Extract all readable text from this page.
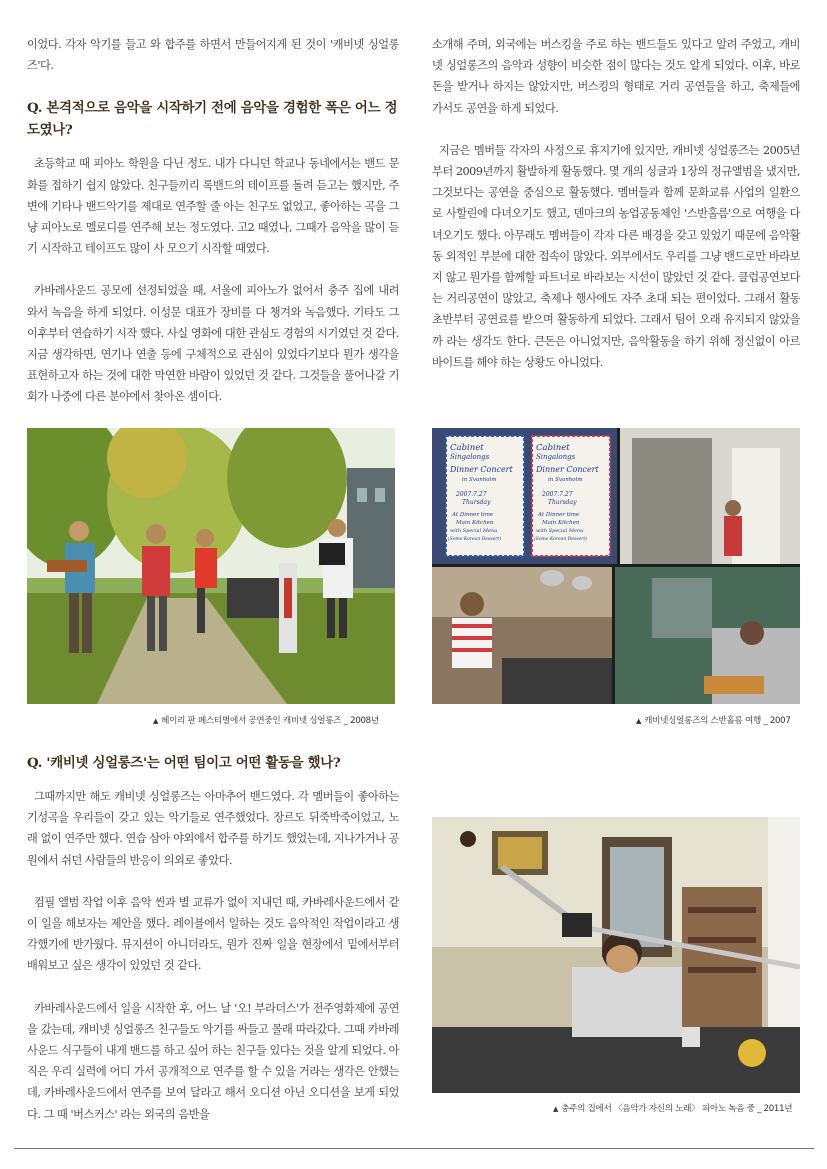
이었다. 각자 악기를 들고 와 합주를 하면서 만들어지게 된 것이 '캐비넷 싱얼롱즈'다.

Q. 본격적으로 음악을 시작하기 전에 음악을 경험한 폭은 어느 정도였나?

초등학교 때 피아노 학원을 다닌 정도. 내가 다니던 학교나 동네에서는 밴드 문화를 접하기 쉽지 않았다. 친구들끼리 록밴드의 테이프를 돌려 듣고는 했지만, 주변에 기타나 밴드악기를 제대로 연주할 줄 아는 친구도 없었고, 좋아하는 곡을 그냥 피아노로 멜로디를 연주해 보는 정도였다. 고2 때였나, 그때가 음악을 많이 듣기 시작하고 테이프도 많이 사 모으기 시작할 때였다.

카바레사운드 공모에 선정되었을 때, 서울에 피아노가 없어서 충주 집에 내려 와서 녹음을 하게 되었다. 이성문 대표가 장비를 다 챙겨와 녹음했다. 기타도 그 이후부터 연습하기 시작 했다. 사실 영화에 대한 관심도 경험의 시기였던 것 같다. 지금 생각하면, 연기나 연출 등에 구체적으로 관심이 있었다기보다 뭔가 생각을 표현하고자 하는 것에 대한 막연한 바람이 있었던 것 같다. 그것들을 풀어나갈 기회가 나중에 다른 분야에서 찾아온 셈이다.

소개해 주며, 외국에는 버스킹을 주로 하는 밴드들도 있다고 알려 주었고, 캐비넷 싱얼롱즈의 음악과 성향이 비슷한 점이 많다는 것도 알게 되었다. 이후, 바로 돈을 받거나 하지는 않았지만, 버스킹의 형태로 거리 공연들을 하고, 축제들에 가서도 공연을 하게 되었다.

지금은 멤버들 각자의 사정으로 휴지기에 있지만, 캐비넷 싱얼롱즈는 2005년부터 2009년까지 활발하게 활동했다. 몇 개의 싱글과 1장의 정규앨범을 냈지만, 그것보다는 공연을 중심으로 활동했다. 멤버들과 함께 문화교류 사업의 일환으로 사할린에 다녀오기도 했고, 덴마크의 농업공동체인 '스반홀름'으로 여행을 다녀오기도 했다. 아무래도 멤버들이 각자 다른 배경을 갖고 있었기 때문에 음악활동 외적인 부분에 대한 접속이 많았다. 외부에서도 우리를 그냥 밴드로만 바라보지 않고 뭔가를 함께할 파트너로 바라보는 시선이 많았던 것 같다. 클럽공연보다는 거리공연이 많았고, 축제나 행사에도 자주 초대 되는 편이었다. 그래서 활동 초반부터 공연료를 받으며 활동하게 되었다. 그래서 팀이 오래 유지되지 않았을까 라는 생각도 한다. 큰돈은 아니었지만, 음악활동을 하기 위해 정신없이 아르바이트를 해야 하는 상황도 아니었다.

▲ 헤이리 판 페스티벌에서 공연중인 캐비넷 싱얼롱즈 _ 2008년
Cabinet
Singalongs
Dinner Concert
in Svanholm
2007.7.27
Thursday
At Dinner time
Main Kitchen
with Special Menu
(Some Korean Dessert)
Cabinet
Singalongs
Dinner Concert
in Svanholm
2007.7.27
Thursday
At Dinner time
Main Kitchen
with Special Menu
(Some Korean Dessert)
▲ 캐비넷싱얼롱즈의 스반홀름 여행 _ 2007
Q. '캐비넷 싱얼롱즈'는 어떤 팀이고 어떤 활동을 했나?

그때까지만 해도 캐비넷 싱얼롱즈는 아마추어 밴드였다. 각 멤버들이 좋아하는 기성곡을 우리들이 갖고 있는 악기들로 연주했었다. 장르도 뒤죽박죽이었고, 노래 없이 연주만 했다. 연습 삼아 야외에서 합주를 하기도 했었는데, 지나가거나 공원에서 쉬던 사람들의 반응이 의외로 좋았다.

컴필 앨범 작업 이후 음악 씬과 별 교류가 없이 지내던 때, 카바레사운드에서 같이 일을 해보자는 제안을 했다. 레이블에서 일하는 것도 음악적인 작업이라고 생각했기에 반가웠다. 뮤지션이 아니더라도, 뭔가 진짜 일을 현장에서 밑에서부터 배워보고 싶은 생각이 있었던 것 같다.

카바레사운드에서 일을 시작한 후, 어느 날 '오! 부라더스'가 전주영화제에 공연을 갔는데, 캐비넷 싱얼롱즈 친구들도 악기를 싸들고 몰래 따라갔다. 그때 카바레사운드 식구들이 내게 밴드를 하고 싶어 하는 친구들 있다는 것을 알게 되었다. 아직은 우리 실력에 어디 가서 공개적으로 연주를 할 수 있을 거라는 생각은 안했는데, 카바레사운드에서 연주를 보여 달라고 해서 오디션 아닌 오디션을 보게 되었다. 그 때 '버스커스' 라는 외국의 음반을	▲ 충주의 집에서 〈음악가 자신의 노래〉 피아노 녹음 중 _ 2011년
